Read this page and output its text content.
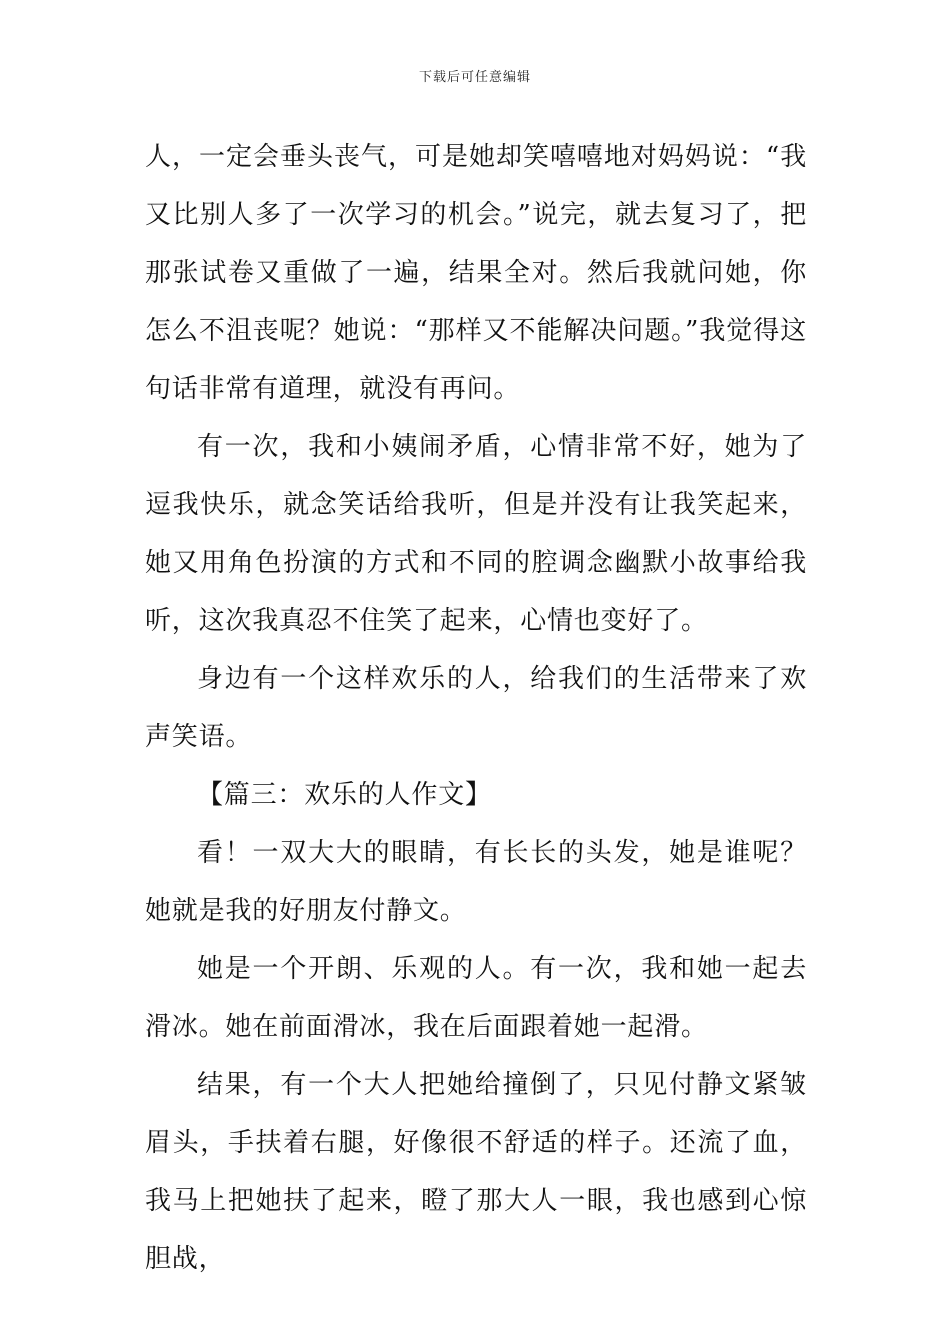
下载后可任意编辑

人，一定会垂头丧气，可是她却笑嘻嘻地对妈妈说：“我又比别人多了一次学习的机会。”说完，就去复习了，把那张试卷又重做了一遍，结果全对。然后我就问她，你怎么不沮丧呢？她说：“那样又不能解决问题。”我觉得这句话非常有道理，就没有再问。

有一次，我和小姨闹矛盾，心情非常不好，她为了逗我快乐，就念笑话给我听，但是并没有让我笑起来，她又用角色扮演的方式和不同的腔调念幽默小故事给我听，这次我真忍不住笑了起来，心情也变好了。

身边有一个这样欢乐的人，给我们的生活带来了欢声笑语。

【篇三：欢乐的人作文】

看！一双大大的眼睛，有长长的头发，她是谁呢？她就是我的好朋友付静文。

她是一个开朗、乐观的人。有一次，我和她一起去滑冰。她在前面滑冰，我在后面跟着她一起滑。

结果，有一个大人把她给撞倒了，只见付静文紧皱眉头，手扶着右腿，好像很不舒适的样子。还流了血，我马上把她扶了起来，瞪了那大人一眼，我也感到心惊胆战，
